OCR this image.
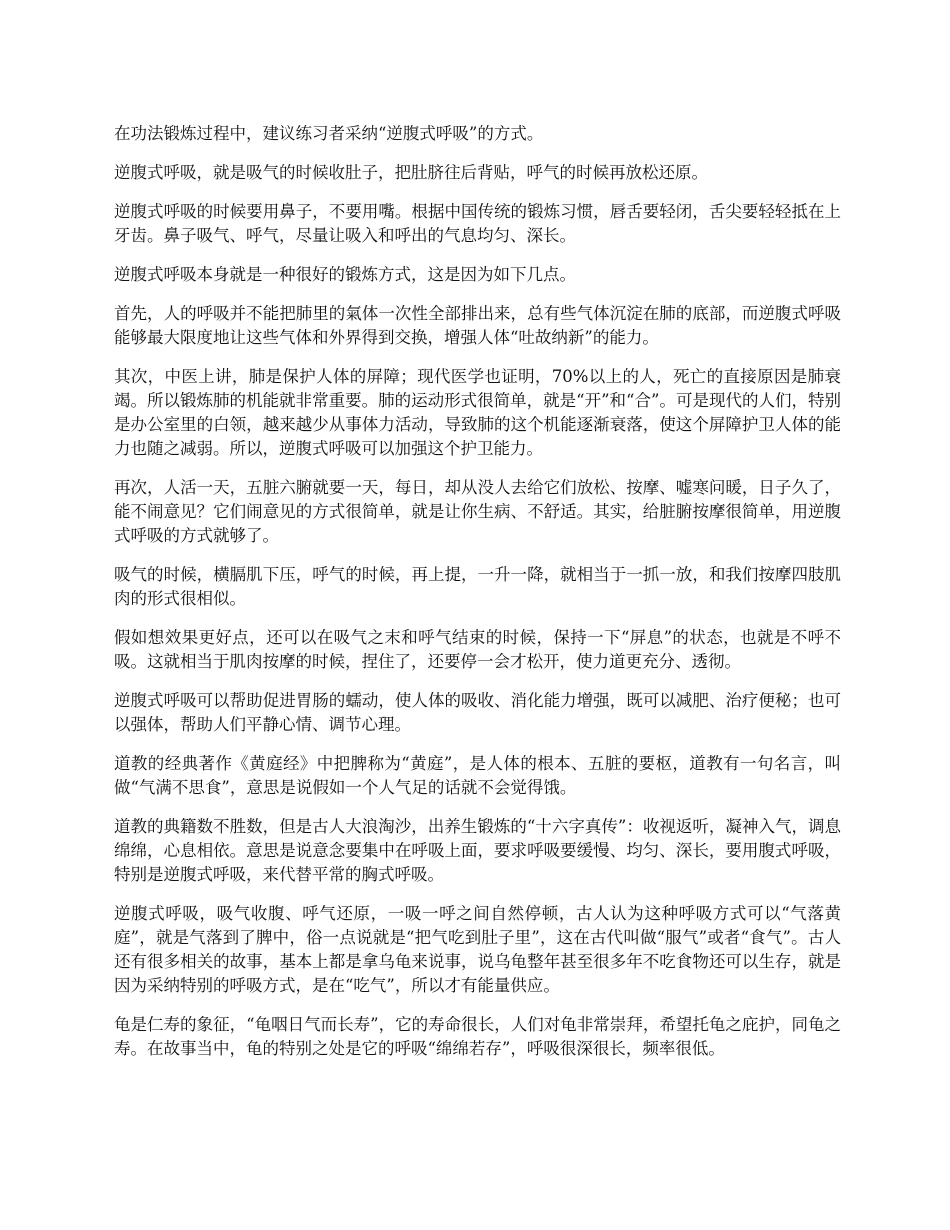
在功法锻炼过程中，建议练习者采纳“逆腹式呼吸”的方式。

逆腹式呼吸，就是吸气的时候收肚子，把肚脐往后背贴，呼气的时候再放松还原。

逆腹式呼吸的时候要用鼻子，不要用嘴。根据中国传统的锻炼习惯，唇舌要轻闭，舌尖要轻轻抵在上牙齿。鼻子吸气、呼气，尽量让吸入和呼出的气息均匀、深长。

逆腹式呼吸本身就是一种很好的锻炼方式，这是因为如下几点。

首先，人的呼吸并不能把肺里的氣体一次性全部排出来，总有些气体沉淀在肺的底部，而逆腹式呼吸能够最大限度地让这些气体和外界得到交换，增强人体“吐故纳新”的能力。

其次，中医上讲，肺是保护人体的屏障；现代医学也证明，70%以上的人，死亡的直接原因是肺衰竭。所以锻炼肺的机能就非常重要。肺的运动形式很简单，就是“开”和“合”。可是现代的人们，特别是办公室里的白领，越来越少从事体力活动，导致肺的这个机能逐渐衰落，使这个屏障护卫人体的能力也随之减弱。所以，逆腹式呼吸可以加强这个护卫能力。

再次，人活一天，五脏六腑就要一天，每日，却从没人去给它们放松、按摩、嘘寒问暖，日子久了，能不闹意见？它们闹意见的方式很简单，就是让你生病、不舒适。其实，给脏腑按摩很简单，用逆腹式呼吸的方式就够了。

吸气的时候，横膈肌下压，呼气的时候，再上提，一升一降，就相当于一抓一放，和我们按摩四肢肌肉的形式很相似。

假如想效果更好点，还可以在吸气之末和呼气结束的时候，保持一下“屏息”的状态，也就是不呼不吸。这就相当于肌肉按摩的时候，捏住了，还要停一会才松开，使力道更充分、透彻。

逆腹式呼吸可以帮助促进胃肠的蠕动，使人体的吸收、消化能力增强，既可以减肥、治疗便秘；也可以强体，帮助人们平静心情、调节心理。

道教的经典著作《黄庭经》中把脾称为“黄庭”，是人体的根本、五脏的要枢，道教有一句名言，叫做“气满不思食”，意思是说假如一个人气足的话就不会觉得饿。

道教的典籍数不胜数，但是古人大浪淘沙，出养生锻炼的“十六字真传”：收视返听，凝神入气，调息绵绵，心息相依。意思是说意念要集中在呼吸上面，要求呼吸要缓慢、均匀、深长，要用腹式呼吸，特别是逆腹式呼吸，来代替平常的胸式呼吸。

逆腹式呼吸，吸气收腹、呼气还原，一吸一呼之间自然停顿，古人认为这种呼吸方式可以“气落黄庭”，就是气落到了脾中，俗一点说就是“把气吃到肚子里”，这在古代叫做“服气”或者“食气”。古人还有很多相关的故事，基本上都是拿乌龟来说事，说乌龟整年甚至很多年不吃食物还可以生存，就是因为采纳特别的呼吸方式，是在“吃气”，所以才有能量供应。

龟是仁寿的象征，“龟咽日气而长寿”，它的寿命很长，人们对龟非常崇拜，希望托龟之庇护，同龟之寿。在故事当中，龟的特别之处是它的呼吸“绵绵若存”，呼吸很深很长，频率很低。
